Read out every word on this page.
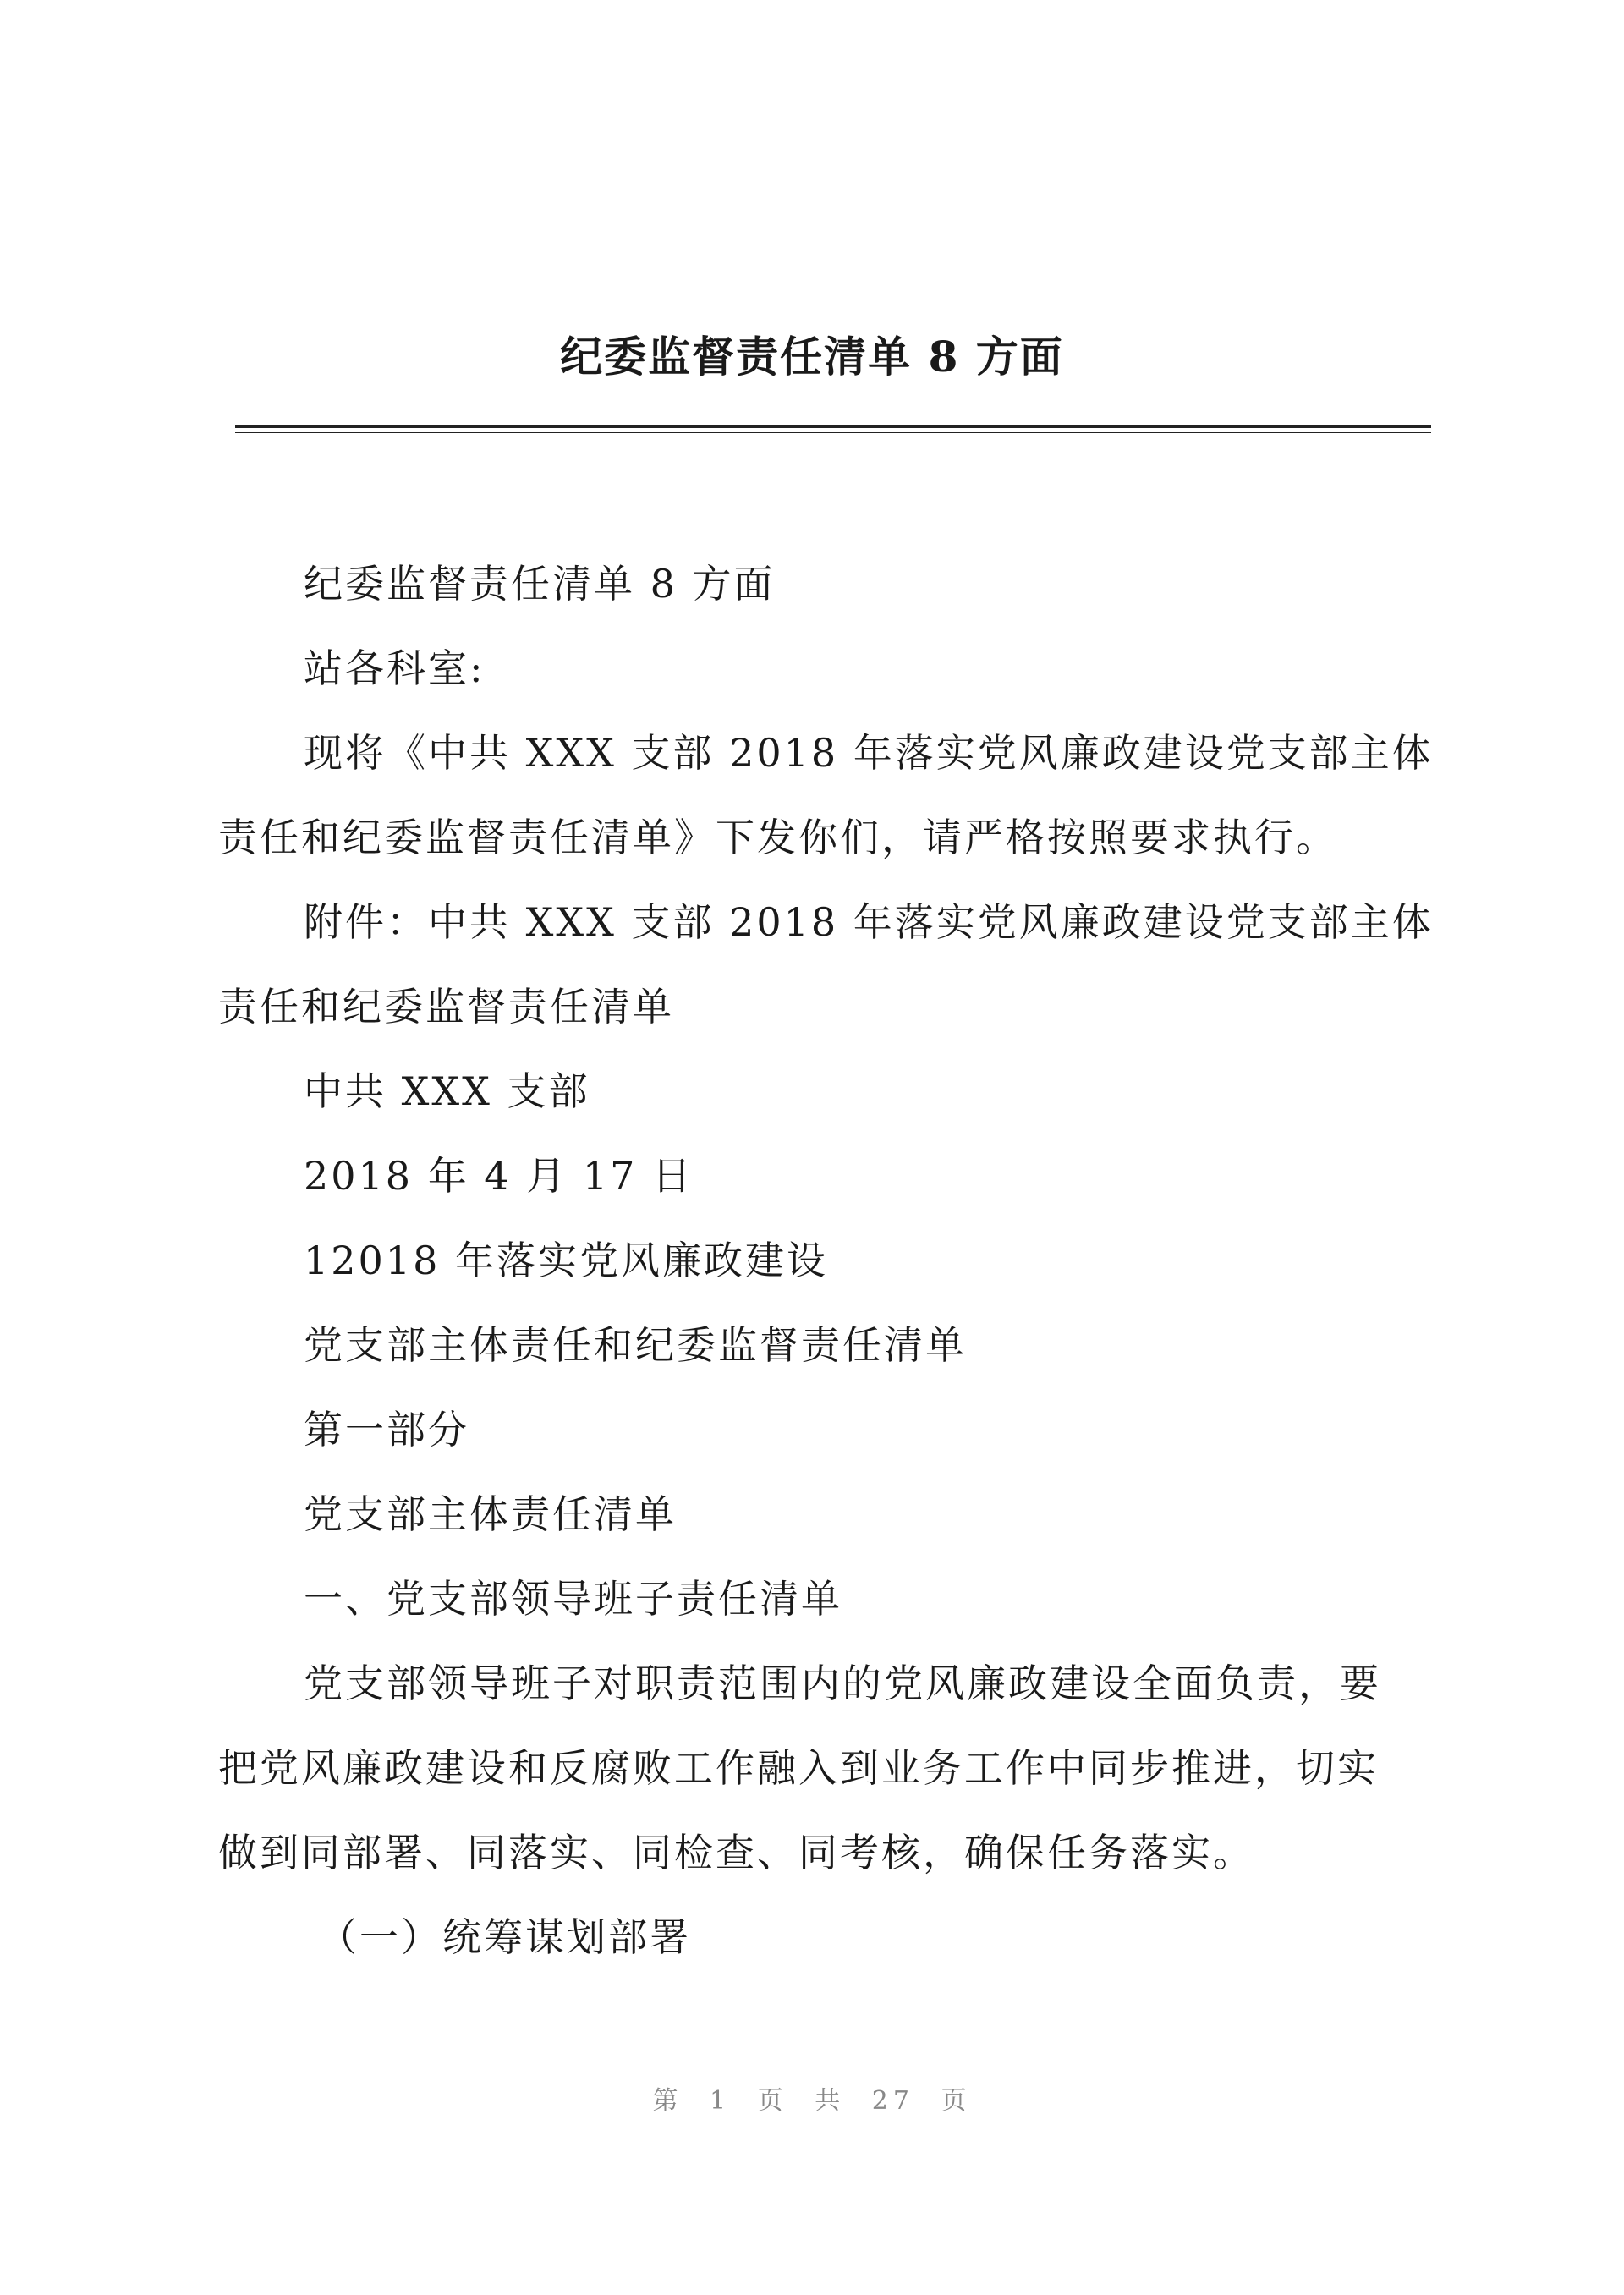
纪委监督责任清单 8 方面
纪委监督责任清单 8 方面
站各科室:
现将《中共 XXX 支部 2018 年落实党风廉政建设党支部主体
责任和纪委监督责任清单》下发你们，请严格按照要求执行。
附件：中共 XXX 支部 2018 年落实党风廉政建设党支部主体
责任和纪委监督责任清单
中共 XXX 支部
2018 年 4 月 17 日
12018 年落实党风廉政建设
党支部主体责任和纪委监督责任清单
第一部分
党支部主体责任清单
一、党支部领导班子责任清单
党支部领导班子对职责范围内的党风廉政建设全面负责，要
把党风廉政建设和反腐败工作融入到业务工作中同步推进，切实
做到同部署、同落实、同检查、同考核，确保任务落实。
（一）统筹谋划部署
第 1 页 共 27 页
